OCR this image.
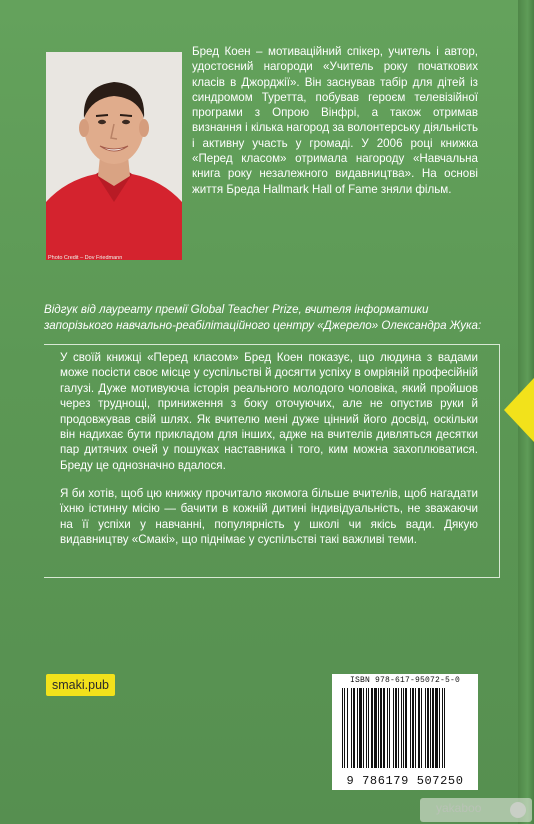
Photo Credit – Dov Friedmann

Бред Коен – мотиваційний спікер, учитель і автор, удостоєний нагороди «Учитель року початкових класів в Джорджії». Він заснував табір для дітей із синдромом Туретта, побував героєм телевізійної програми з Опрою Вінфрі, а також отримав визнання і кілька нагород за волонтерську діяльність і активну участь у громаді. У 2006 році книжка «Перед класом» отримала нагороду «Навчальна книга року незалежного видавництва». На основі життя Бреда Hallmark Hall of Fame зняли фільм.

Відгук від лауреату премії Global Teacher Prize, вчителя інформатики запорізького навчально-реабілітаційного центру «Джерело» Олександра Жука:

У своїй книжці «Перед класом» Бред Коен показує, що людина з вадами може посісти своє місце у суспільстві й досягти успіху в омріяній професійній галузі. Дуже мотивуюча історія реального молодого чоловіка, який пройшов через труднощі, приниження з боку оточуючих, але не опустив руки й продовжував свій шлях. Як вчителю мені дуже цінний його досвід, оскільки він надихає бути прикладом для інших, адже на вчителів дивляться десятки пар дитячих очей у пошуках наставника і того, ким можна захоплюватися. Бреду це однозначно вдалося.

Я би хотів, щоб цю книжку прочитало якомога більше вчителів, щоб нагадати їхню істинну місію — бачити в кожній дитині індивідуальність, не зважаючи на її успіхи у навчанні, популярність у школі чи якісь вади. Дякую видавництву «Смакі», що піднімає у суспільстві такі важливі теми.

smaki.pub	ISBN 978-617-95072-5-0
9 786179 507250
yakaboo
